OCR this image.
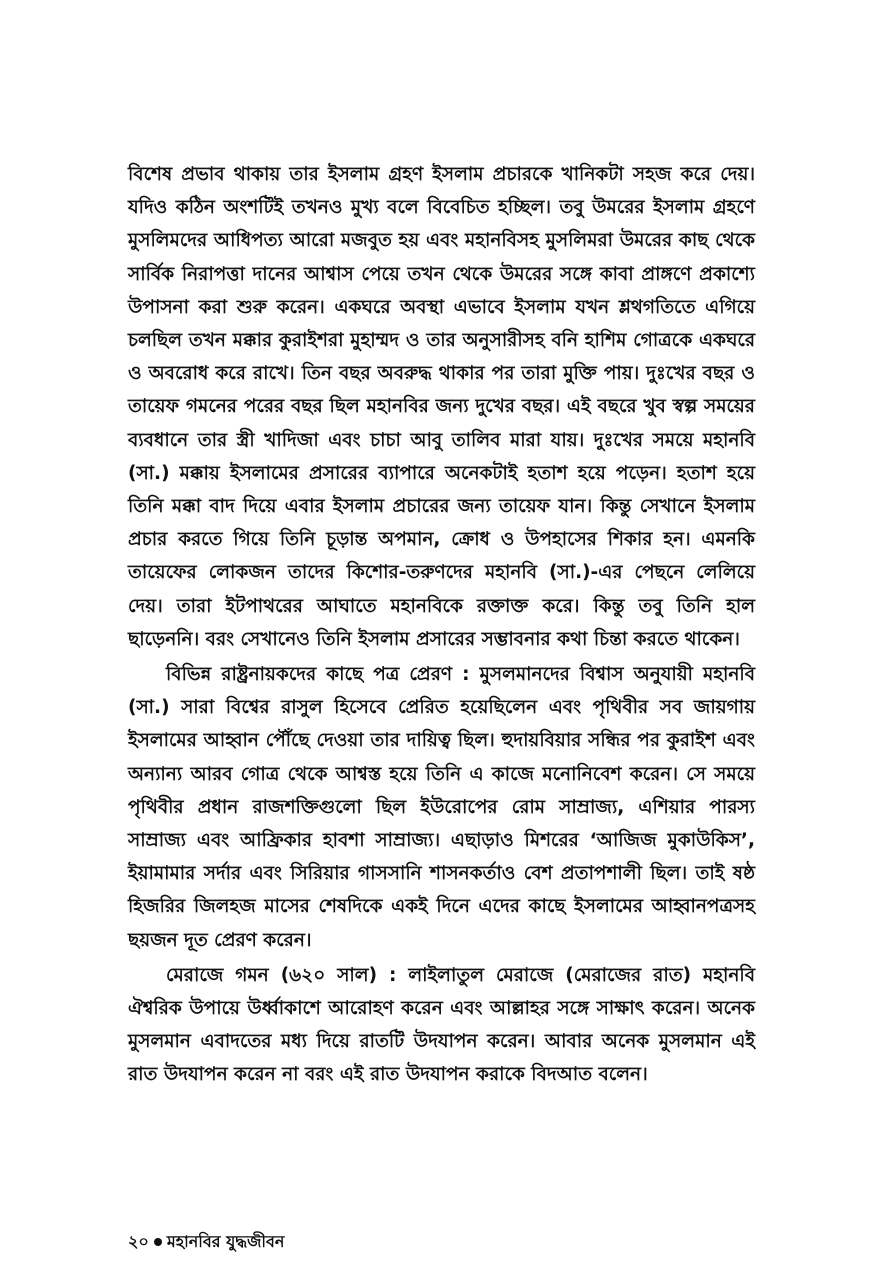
বিশেষ প্রভাব থাকায় তার ইসলাম গ্রহণ ইসলাম প্রচারকে খানিকটা সহজ করে দেয়। যদিও কঠিন অংশটিই তখনও মুখ্য বলে বিবেচিত হচ্ছিল। তবু উমরের ইসলাম গ্রহণে মুসলিমদের আধিপত্য আরো মজবুত হয় এবং মহানবিসহ মুসলিমরা উমরের কাছ থেকে সার্বিক নিরাপত্তা দানের আশ্বাস পেয়ে তখন থেকে উমরের সঙ্গে কাবা প্রাঙ্গণে প্রকাশ্যে উপাসনা করা শুরু করেন। একঘরে অবস্থা এভাবে ইসলাম যখন শ্লথগতিতে এগিয়ে চলছিল তখন মক্কার কুরাইশরা মুহাম্মদ ও তার অনুসারীসহ বনি হাশিম গোত্রকে একঘরে ও অবরোধ করে রাখে। তিন বছর অবরুদ্ধ থাকার পর তারা মুক্তি পায়। দুঃখের বছর ও তায়েফ গমনের পরের বছর ছিল মহানবির জন্য দুখের বছর। এই বছরে খুব স্বল্প সময়ের ব্যবধানে তার স্ত্রী খাদিজা এবং চাচা আবু তালিব মারা যায়। দুঃখের সময়ে মহানবি (সা.) মক্কায় ইসলামের প্রসারের ব্যাপারে অনেকটাই হতাশ হয়ে পড়েন। হতাশ হয়ে তিনি মক্কা বাদ দিয়ে এবার ইসলাম প্রচারের জন্য তায়েফ যান। কিন্তু সেখানে ইসলাম প্রচার করতে গিয়ে তিনি চূড়ান্ত অপমান, ক্রোধ ও উপহাসের শিকার হন। এমনকি তায়েফের লোকজন তাদের কিশোর-তরুণদের মহানবি (সা.)-এর পেছনে লেলিয়ে দেয়। তারা ইটপাথরের আঘাতে মহানবিকে রক্তাক্ত করে। কিন্তু তবু তিনি হাল ছাড়েননি। বরং সেখানেও তিনি ইসলাম প্রসারের সম্ভাবনার কথা চিন্তা করতে থাকেন।

বিভিন্ন রাষ্ট্রনায়কদের কাছে পত্র প্রেরণ : মুসলমানদের বিশ্বাস অনুযায়ী মহানবি (সা.) সারা বিশ্বের রাসুল হিসেবে প্রেরিত হয়েছিলেন এবং পৃথিবীর সব জায়গায় ইসলামের আহ্বান পৌঁছে দেওয়া তার দায়িত্ব ছিল। হুদায়বিয়ার সন্ধির পর কুরাইশ এবং অন্যান্য আরব গোত্র থেকে আশ্বস্ত হয়ে তিনি এ কাজে মনোনিবেশ করেন। সে সময়ে পৃথিবীর প্রধান রাজশক্তিগুলো ছিল ইউরোপের রোম সাম্রাজ্য, এশিয়ার পারস্য সাম্রাজ্য এবং আফ্রিকার হাবশা সাম্রাজ্য। এছাড়াও মিশরের ‘আজিজ মুকাউকিস’, ইয়ামামার সর্দার এবং সিরিয়ার গাসসানি শাসনকর্তাও বেশ প্রতাপশালী ছিল। তাই ষষ্ঠ হিজরির জিলহজ মাসের শেষদিকে একই দিনে এদের কাছে ইসলামের আহ্বানপত্রসহ ছয়জন দূত প্রেরণ করেন।

মেরাজে গমন (৬২০ সাল) : লাইলাতুল মেরাজে (মেরাজের রাত) মহানবি ঐশ্বরিক উপায়ে উর্ধ্বাকাশে আরোহণ করেন এবং আল্লাহর সঙ্গে সাক্ষাৎ করেন। অনেক মুসলমান এবাদতের মধ্য দিয়ে রাতটি উদযাপন করেন। আবার অনেক মুসলমান এই রাত উদযাপন করেন না বরং এই রাত উদযাপন করাকে বিদআত বলেন।

২০ মহানবির যুদ্ধজীবন
